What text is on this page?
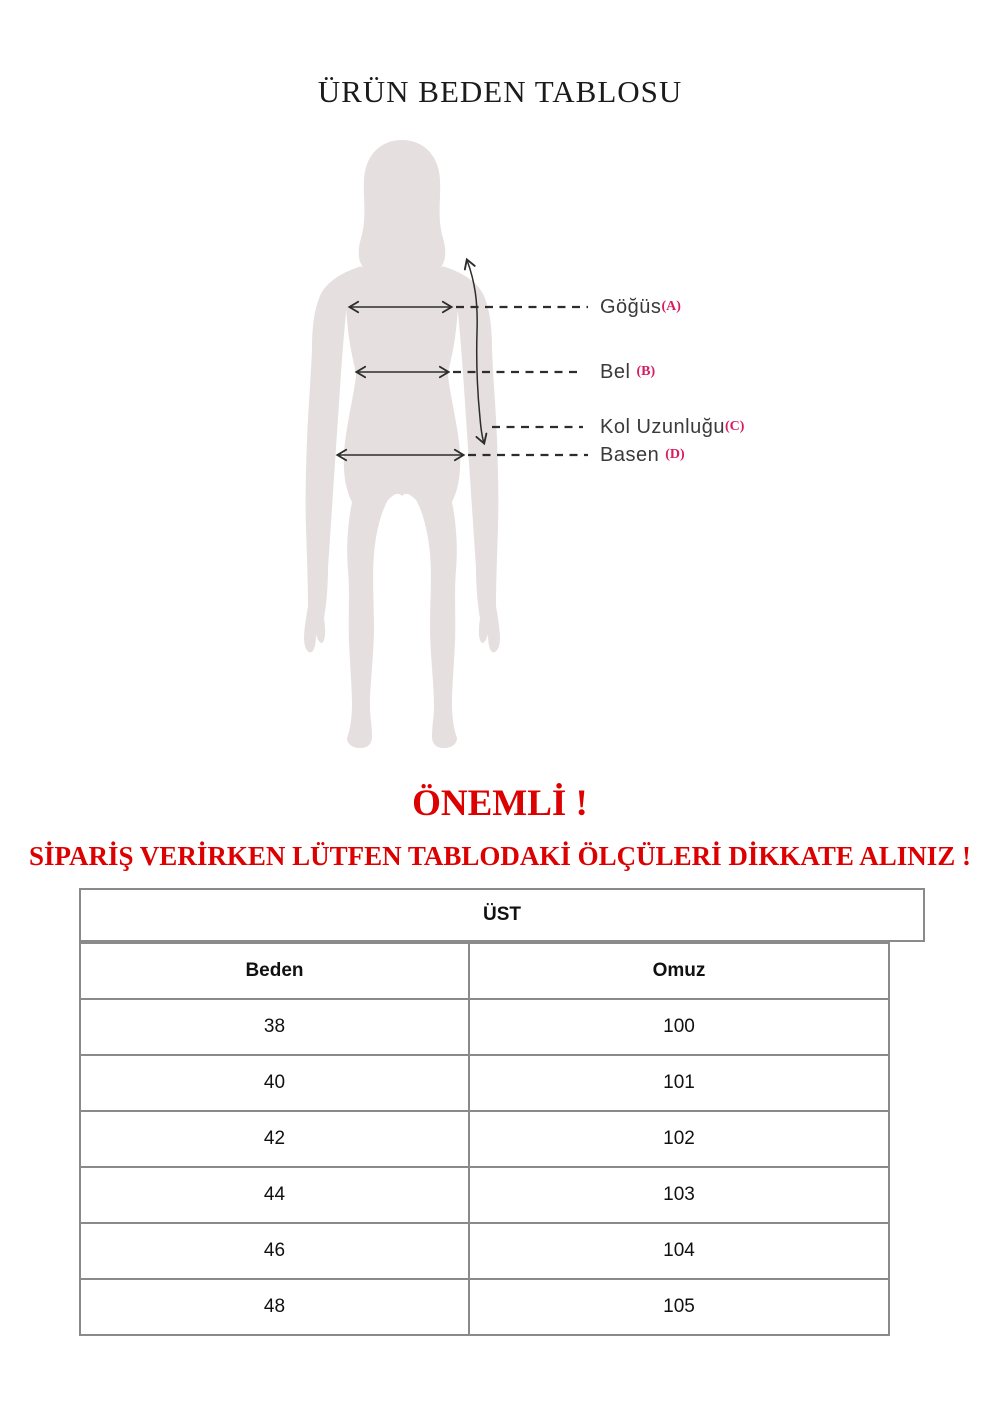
ÜRÜN BEDEN TABLOSU
Göğüs(A)
Bel (B)
Kol Uzunluğu(C)
Basen (D)
ÖNEMLİ !
SİPARİŞ VERİRKEN LÜTFEN TABLODAKİ ÖLÇÜLERİ DİKKATE ALINIZ !
ÜST
Beden	Omuz
38	100
40	101
42	102
44	103
46	104
48	105
